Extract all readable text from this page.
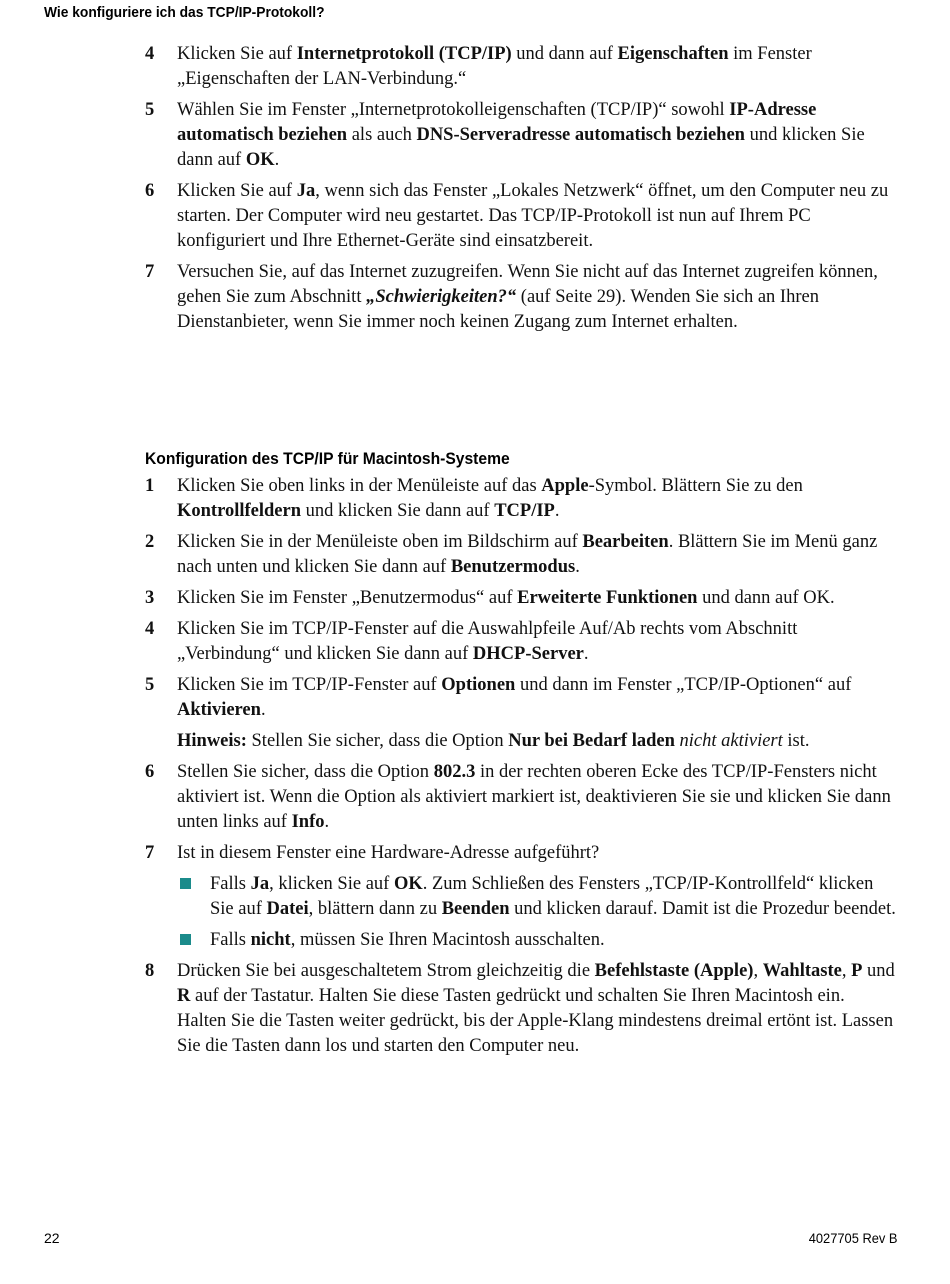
Wie konfiguriere ich das TCP/IP-Protokoll?
4	Klicken Sie auf Internetprotokoll (TCP/IP) und dann auf Eigenschaften im Fenster „Eigenschaften der LAN-Verbindung.“
5	Wählen Sie im Fenster „Internetprotokolleigenschaften (TCP/IP)“ sowohl IP-Adresse automatisch beziehen als auch DNS-Serveradresse automatisch beziehen und klicken Sie dann auf OK.
6	Klicken Sie auf Ja, wenn sich das Fenster „Lokales Netzwerk“ öffnet, um den Computer neu zu starten. Der Computer wird neu gestartet. Das TCP/IP-Protokoll ist nun auf Ihrem PC konfiguriert und Ihre Ethernet-Geräte sind einsatzbereit.
7	Versuchen Sie, auf das Internet zuzugreifen. Wenn Sie nicht auf das Internet zugreifen können, gehen Sie zum Abschnitt „Schwierigkeiten?“ (auf Seite 29). Wenden Sie sich an Ihren Dienstanbieter, wenn Sie immer noch keinen Zugang zum Internet erhalten.
Konfiguration des TCP/IP für Macintosh-Systeme
1	Klicken Sie oben links in der Menüleiste auf das Apple-Symbol. Blättern Sie zu den Kontrollfeldern und klicken Sie dann auf TCP/IP.
2	Klicken Sie in der Menüleiste oben im Bildschirm auf Bearbeiten. Blättern Sie im Menü ganz nach unten und klicken Sie dann auf Benutzermodus.
3	Klicken Sie im Fenster „Benutzermodus“ auf Erweiterte Funktionen und dann auf OK.
4	Klicken Sie im TCP/IP-Fenster auf die Auswahlpfeile Auf/Ab rechts vom Abschnitt „Verbindung“ und klicken Sie dann auf DHCP-Server.
5	Klicken Sie im TCP/IP-Fenster auf Optionen und dann im Fenster „TCP/IP-Optionen“ auf Aktivieren.
Hinweis: Stellen Sie sicher, dass die Option Nur bei Bedarf laden nicht aktiviert ist.
6	Stellen Sie sicher, dass die Option 802.3 in der rechten oberen Ecke des TCP/IP-Fensters nicht aktiviert ist. Wenn die Option als aktiviert markiert ist, deaktivieren Sie sie und klicken Sie dann unten links auf Info.
7	Ist in diesem Fenster eine Hardware-Adresse aufgeführt?
Falls Ja, klicken Sie auf OK. Zum Schließen des Fensters „TCP/IP-Kontrollfeld“ klicken Sie auf Datei, blättern dann zu Beenden und klicken darauf. Damit ist die Prozedur beendet.
Falls nicht, müssen Sie Ihren Macintosh ausschalten.
8	Drücken Sie bei ausgeschaltetem Strom gleichzeitig die Befehlstaste (Apple), Wahltaste, P und R auf der Tastatur. Halten Sie diese Tasten gedrückt und schalten Sie Ihren Macintosh ein. Halten Sie die Tasten weiter gedrückt, bis der Apple-Klang mindestens dreimal ertönt ist. Lassen Sie die Tasten dann los und starten den Computer neu.
22	4027705 Rev B
